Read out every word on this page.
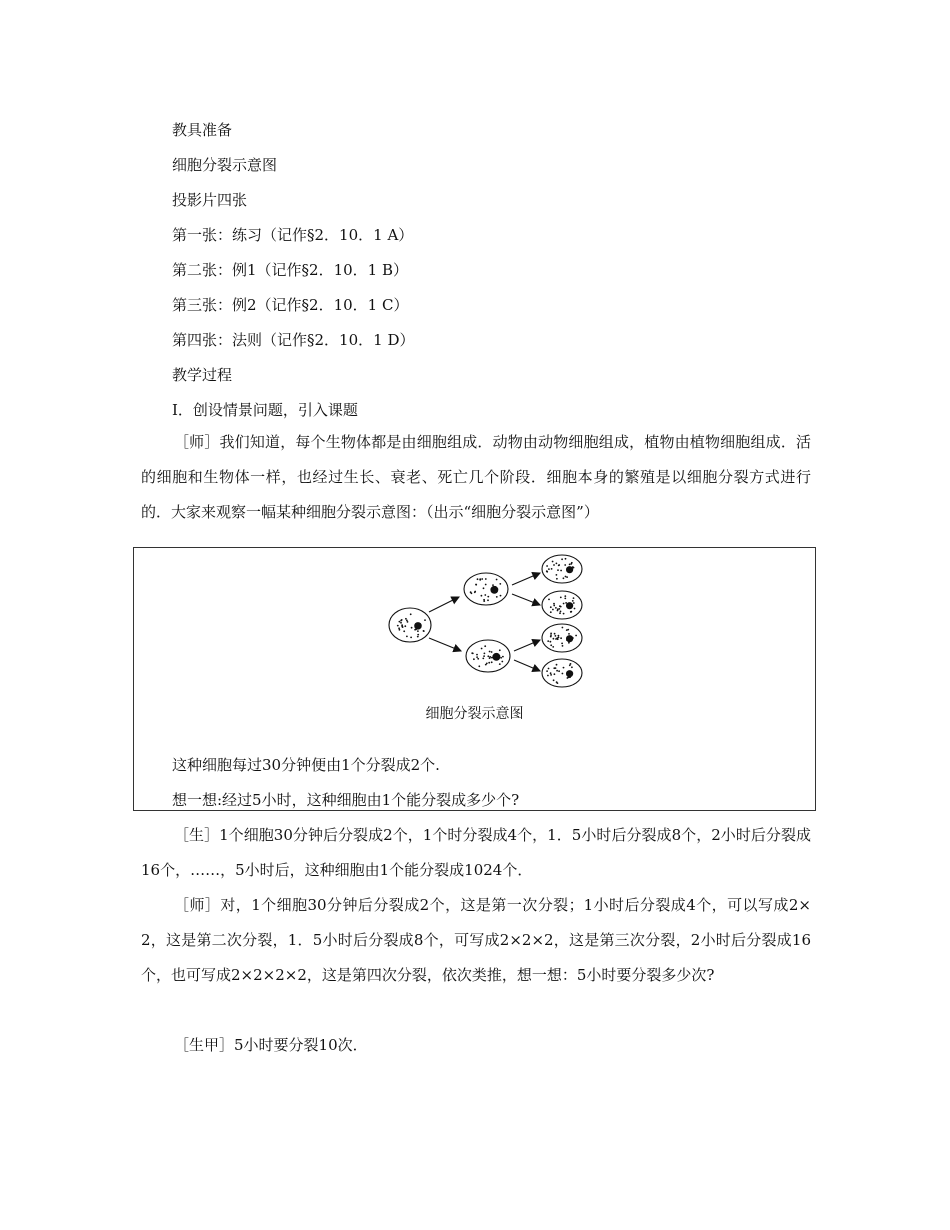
教具准备
细胞分裂示意图
投影片四张
第一张：练习（记作§2．10．1 A）
第二张：例1（记作§2．10．1 B）
第三张：例2（记作§2．10．1 C）
第四张：法则（记作§2．10．1 D）
教学过程
Ⅰ．创设情景问题，引入课题
［师］我们知道，每个生物体都是由细胞组成．动物由动物细胞组成，植物由植物细胞组成．活的细胞和生物体一样，也经过生长、衰老、死亡几个阶段．细胞本身的繁殖是以细胞分裂方式进行的．大家来观察一幅某种细胞分裂示意图：（出示“细胞分裂示意图”）
细胞分裂示意图
这种细胞每过30分钟便由1个分裂成2个.
想一想:经过5小时，这种细胞由1个能分裂成多少个?
［生］1个细胞30分钟后分裂成2个，1个时分裂成4个，1．5小时后分裂成8个，2小时后分裂成16个，……，5小时后，这种细胞由1个能分裂成1024个．
［师］对，1个细胞30分钟后分裂成2个，这是第一次分裂；1小时后分裂成4个，可以写成2×2，这是第二次分裂，1．5小时后分裂成8个，可写成2×2×2，这是第三次分裂，2小时后分裂成16个，也可写成2×2×2×2，这是第四次分裂，依次类推，想一想：5小时要分裂多少次?
［生甲］5小时要分裂10次．
